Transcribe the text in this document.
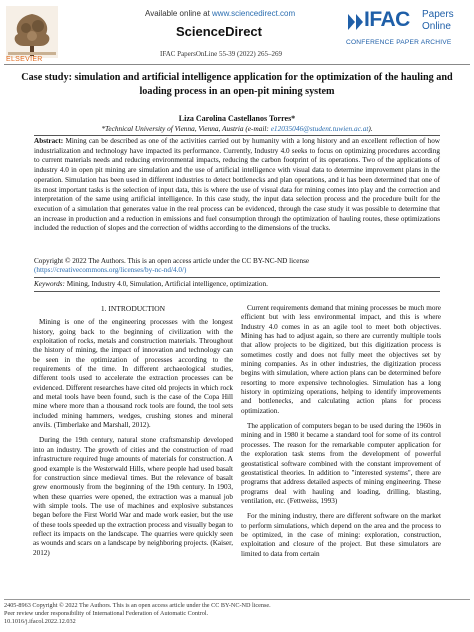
ELSEVIER
Available online at www.sciencedirect.com
ScienceDirect
IFAC PapersOnLine 55-39 (2022) 265–269
IFAC Papers
Online
CONFERENCE PAPER ARCHIVE
Case study: simulation and artificial intelligence application for the optimization of the hauling and loading process in an open-pit mining system
Liza Carolina Castellanos Torres*
*Technical University of Vienna, Vienna, Austria (e-mail: e12035046@student.tuwien.ac.at).
Abstract: Mining can be described as one of the activities carried out by humanity with a long history and an excellent reflection of how industrialization and technology have impacted its performance. Currently, Industry 4.0 seeks to focus on optimizing procedures according to current materials needs and reducing environmental impacts, reducing the carbon footprint of its operations. Two of the applications of industry 4.0 in open pit mining are simulation and the use of artificial intelligence with visual data to determine improvement plans in the operation. Simulation has been used in different industries to detect bottlenecks and plan operations, and it has been determined that one of its most important tasks is the selection of input data, this is where the use of visual data for mining comes into play and the correction and interpretation of the same using artificial intelligence. In this case study, the input data selection process and the procedure built for the execution of a simulation that generates value in the real process can be evidenced, through the case study it was possible to determine that an increase in production and a reduction in emissions and fuel consumption through the optimization of hauling routes, these optimizations included the reduction of slopes and the correction of widths according to the dimensions of the trucks.
Copyright © 2022 The Authors. This is an open access article under the CC BY-NC-ND license
(https://creativecommons.org/licenses/by-nc-nd/4.0/)
Keywords: Mining, Industry 4.0, Simulation, Artificial intelligence, optimization.
1. INTRODUCTION

Mining is one of the engineering processes with the longest history, going back to the beginning of civilization with the exploitation of rocks, metals and construction materials. Throughout the history of mining, the impact of innovation and technology can be seen in the optimization of processes according to the requirements of the time. In different archaeological studies, different tools used to accelerate the extraction processes can be evidenced. Different researches have cited old projects in which rock and metal tools have been found, such is the case of the Copa Hill mine where more than a thousand rock tools are found, the tool sets included mining hammers, wedges, crushing stones and mineral anvils. (Timberlake and Marshall, 2012).

During the 19th century, natural stone craftsmanship developed into an industry. The growth of cities and the construction of road infrastructure required huge amounts of materials for construction. A good example is the Westerwald Hills, where people had used basalt for construction since medieval times. But the relevance of basalt grew enormously from the beginning of the 19th century. In 1903, when these quarries were opened, the extraction was a manual job with simple tools. The use of machines and explosive substances began before the First World War and made work easier, but the use of these tools speeded up the extraction process and visually began to reflect its impacts on the landscape. The quarries were quickly seen as wounds and scars on a landscape by neighboring projects. (Kaiser, 2012)

Current requirements demand that mining processes be much more efficient but with less environmental impact, and this is where Industry 4.0 comes in as an agile tool to meet both objectives. Mining has had to adjust again, so there are currently multiple tools that allow projects to be digitized, but this digitization process is sometimes costly and does not fully meet the objectives set by mining companies. As in other industries, the digitization process begins with simulation, where action plans can be determined before resorting to more expensive technologies. Simulation has a long history in optimizing operations, helping to identify improvements and bottlenecks, and calculating action plans for process optimization.

The application of computers began to be used during the 1960s in mining and in 1980 it became a standard tool for some of its control processes. The reason for the remarkable computer application for the exploration task stems from the development of powerful geostatistical software combined with the constant improvement of geostatistical theories. In addition to "interested systems", there are programs that address detailed aspects of mining engineering. These programs deal with hauling and loading, drilling, blasting, ventilation, etc. (Fettweiss, 1993)

For the mining industry, there are different software on the market to perform simulations, which depend on the area and the process to be optimized, in the case of mining: exploration, construction, exploitation and closure of the project. But these simulators are limited to data from certain

2405-8963 Copyright © 2022 The Authors. This is an open access article under the CC BY-NC-ND license.
Peer review under responsibility of International Federation of Automatic Control.
10.1016/j.ifacol.2022.12.032
